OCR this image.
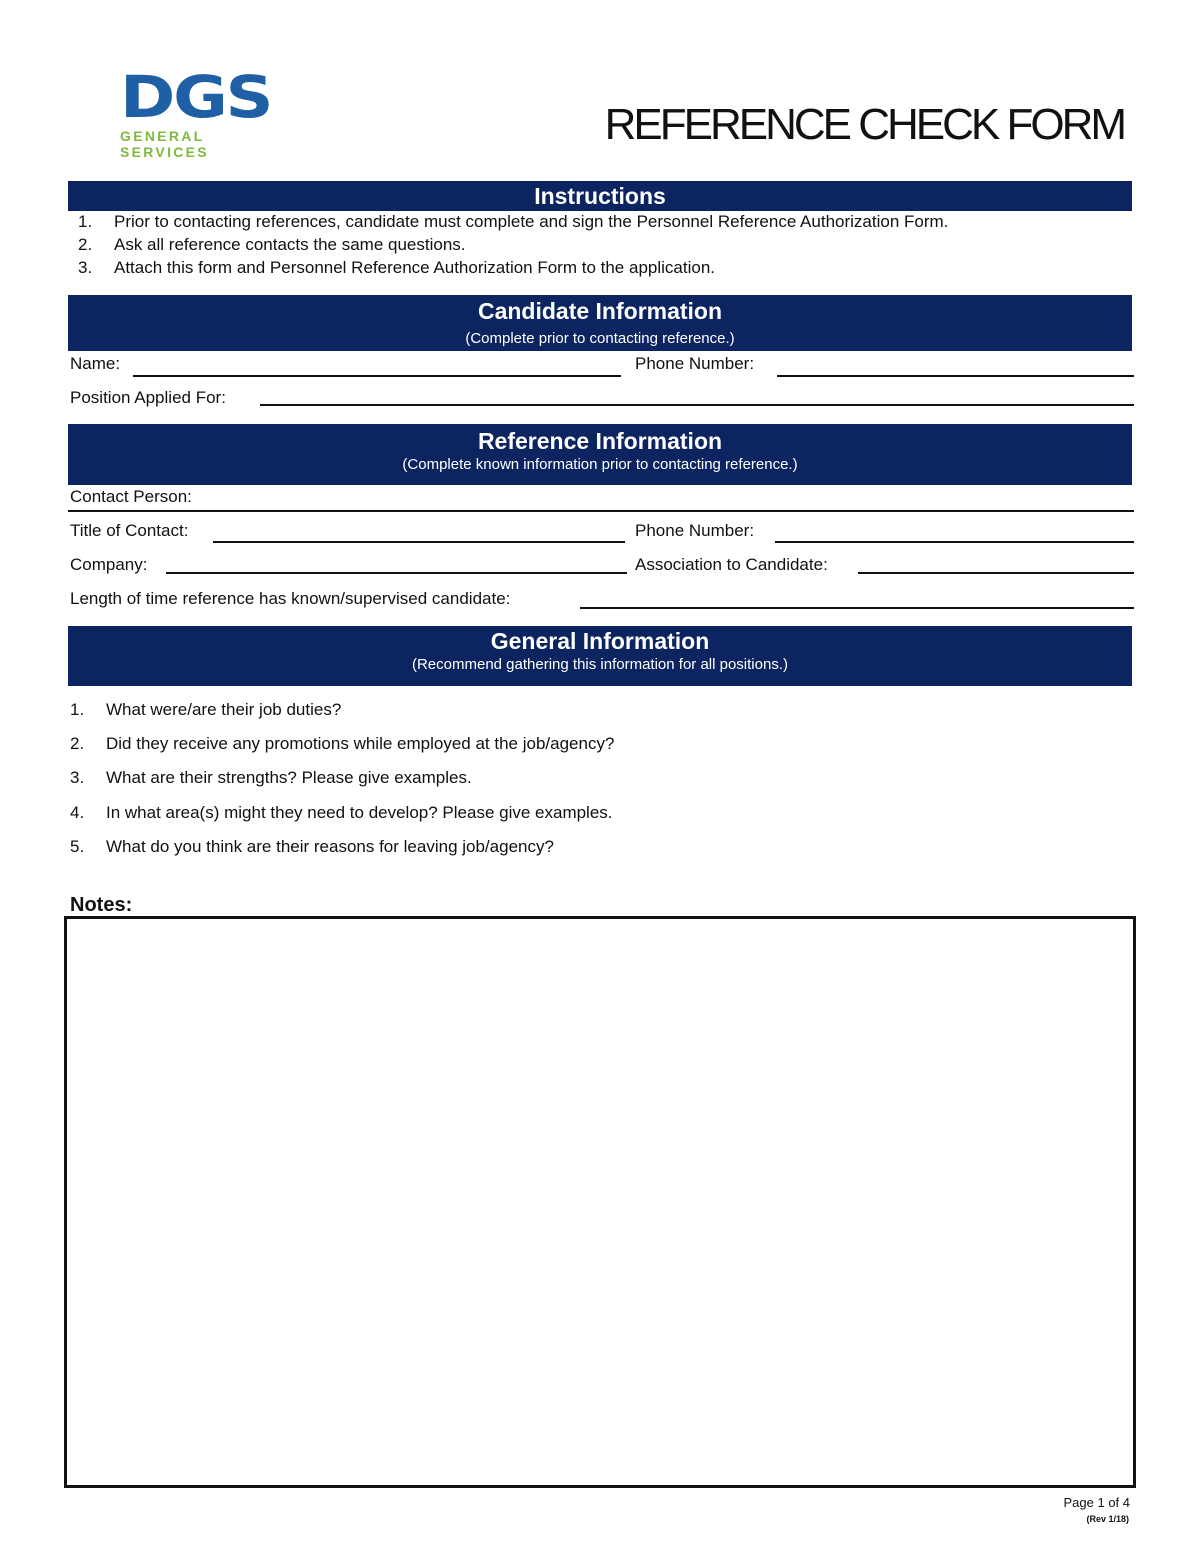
DGS
GENERAL SERVICES
REFERENCE CHECK FORM
Instructions
1.	Prior to contacting references, candidate must complete and sign the Personnel Reference Authorization Form.
2.	Ask all reference contacts the same questions.
3.	Attach this form and Personnel Reference Authorization Form to the application.
Candidate Information
(Complete prior to contacting reference.)
Name:	Phone Number:
Position Applied For:
Reference Information
(Complete known information prior to contacting reference.)
Contact Person:
Title of Contact:	Phone Number:
Company:	Association to Candidate:
Length of time reference has known/supervised candidate:
General Information
(Recommend gathering this information for all positions.)
1.	What were/are their job duties?
2.	Did they receive any promotions while employed at the job/agency?
3.	What are their strengths? Please give examples.
4.	In what area(s) might they need to develop? Please give examples.
5.	What do you think are their reasons for leaving job/agency?
Notes:
Page 1 of 4
(Rev 1/18)
